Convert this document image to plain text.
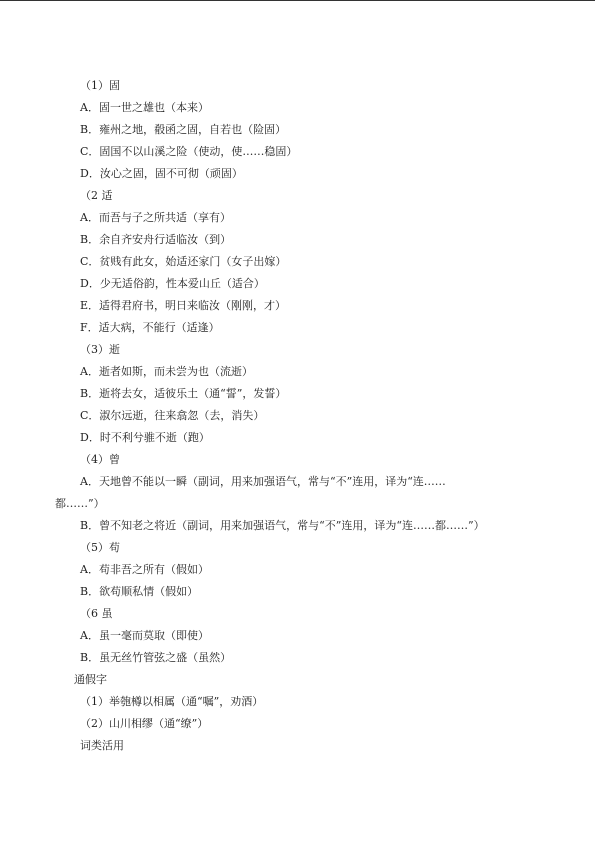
（1）固
A．固一世之雄也（本来）
B．雍州之地，殽函之固，自若也（险固）
C．固国不以山溪之险（使动，使……稳固）
D．汝心之固，固不可彻（顽固）
（2 适
A．而吾与子之所共适（享有）
B．余自齐安舟行适临汝（到）
C．贫贱有此女，始适还家门（女子出嫁）
D．少无适俗韵，性本爱山丘（适合）
E．适得君府书，明日来临汝（刚刚，才）
F．适大病，不能行（适逢）
（3）逝
A．逝者如斯，而未尝为也（流逝）
B．逝将去女，适彼乐土（通“誓”，发誓）
C．淑尔远逝，往来翕忽（去，消失）
D．时不利兮骓不逝（跑）
（4）曾
A．天地曾不能以一瞬（副词，用来加强语气，常与“不”连用，译为“连……
都……”）
B．曾不知老之将近（副词，用来加强语气，常与“不”连用，译为“连……都……”）
（5）苟
A．苟非吾之所有（假如）
B．欲苟顺私情（假如）
（6 虽
A．虽一毫而莫取（即使）
B．虽无丝竹管弦之盛（虽然）
通假字
（1）举匏樽以相属（通“嘱”，劝酒）
（2）山川相缪（通“缭”）
词类活用
